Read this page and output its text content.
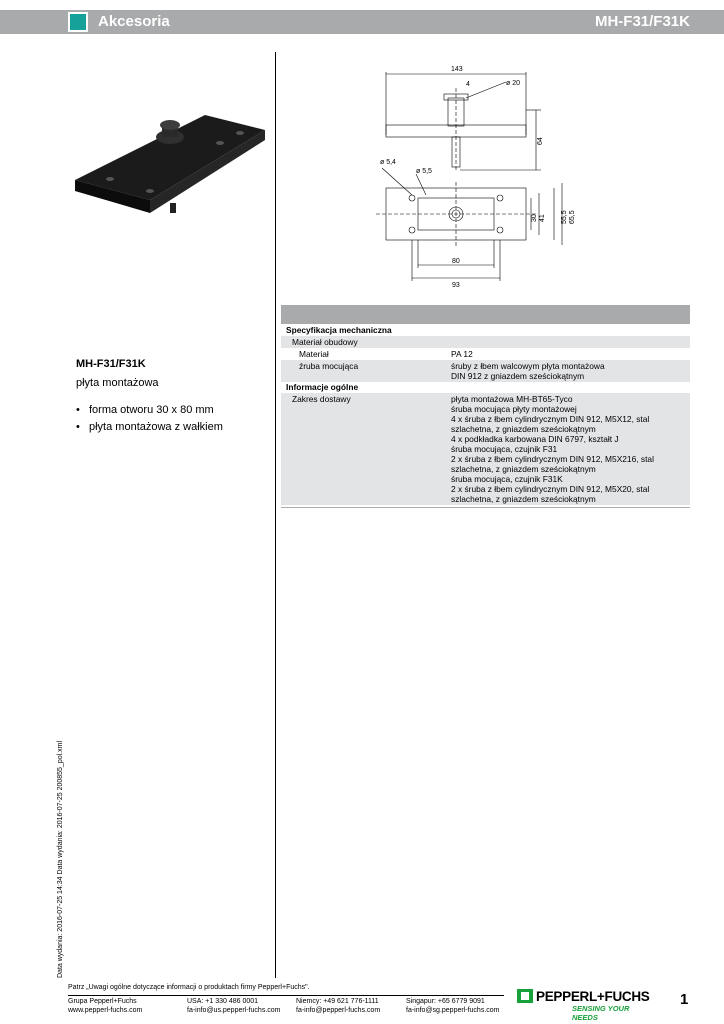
Akcesoria	MH-F31/F31K
143
4	ø 20
64
ø 5,4
ø 5,5
30 41 55,5 65,5
80
93
MH-F31/F31K
płyta montażowa
• forma otworu 30 x 80 mm
• płyta montażowa z wałkiem
Specyfikacja mechaniczna
Materiał obudowy
Materiał	PA 12
źruba mocująca	śruby z łbem walcowym płyta montażowa
DIN 912 z gniazdem sześciokątnym
Informacje ogólne
Zakres dostawy	płyta montażowa MH-BT65-Tyco
śruba mocująca płyty montażowej
4 x śruba z łbem cylindrycznym DIN 912, M5X12, stal
szlachetna, z gniazdem sześciokątnym
4 x podkładka karbowana DIN 6797, kształt J
śruba mocująca, czujnik F31
2 x śruba z łbem cylindrycznym DIN 912, M5X216, stal
szlachetna, z gniazdem sześciokątnym
śruba mocująca, czujnik F31K
2 x śruba z łbem cylindrycznym DIN 912, M5X20, stal
szlachetna, z gniazdem sześciokątnym
Data wydania: 2016-07-25 14:34 Data wydania: 2016-07-25 200855_pol.xml
Patrz „Uwagi ogólne dotyczące informacji o produktach firmy Pepperl+Fuchs".
Grupa Pepperl+Fuchs
www.pepperl-fuchs.com
USA: +1 330 486 0001
fa-info@us.pepperl-fuchs.com
Niemcy: +49 621 776-1111
fa-info@pepperl-fuchs.com
Singapur: +65 6779 9091
fa-info@sg.pepperl-fuchs.com
PEPPERL+FUCHS
SENSING YOUR NEEDS
1
